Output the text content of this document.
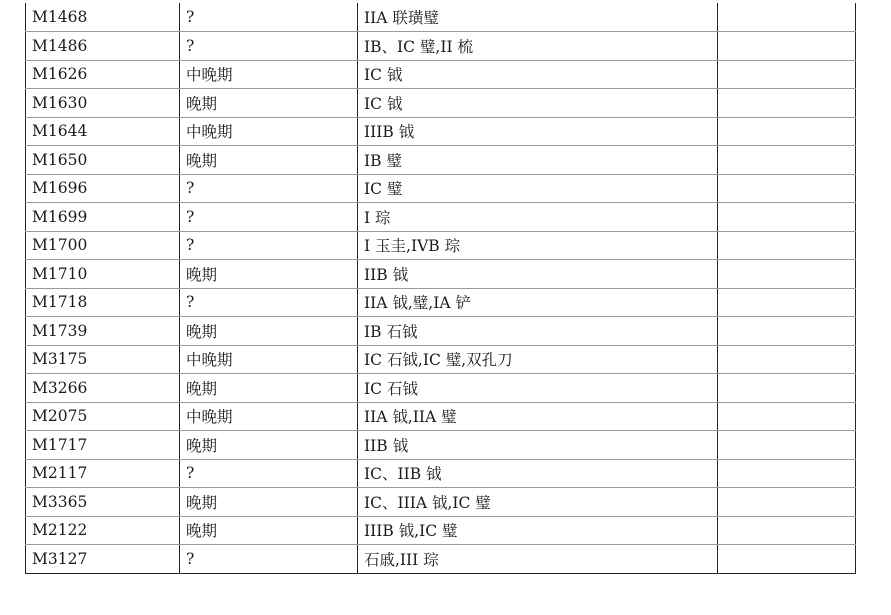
M1468	?	IIA 联璜璧	
M1486	?	IB、IC 璧,II 梳	
M1626	中晚期	IC 钺	
M1630	晚期	IC 钺	
M1644	中晚期	IIIB 钺	
M1650	晚期	IB 璧	
M1696	?	IC 璧	
M1699	?	I 琮	
M1700	?	I 玉圭,IVB 琮	
M1710	晚期	IIB 钺	
M1718	?	IIA 钺,璧,IA 铲	
M1739	晚期	IB 石钺	
M3175	中晚期	IC 石钺,IC 璧,双孔刀	
M3266	晚期	IC 石钺	
M2075	中晚期	IIA 钺,IIA 璧	
M1717	晚期	IIB 钺	
M2117	?	IC、IIB 钺	
M3365	晚期	IC、IIIA 钺,IC 璧	
M2122	晚期	IIIB 钺,IC 璧	
M3127	?	石戚,III 琮	
